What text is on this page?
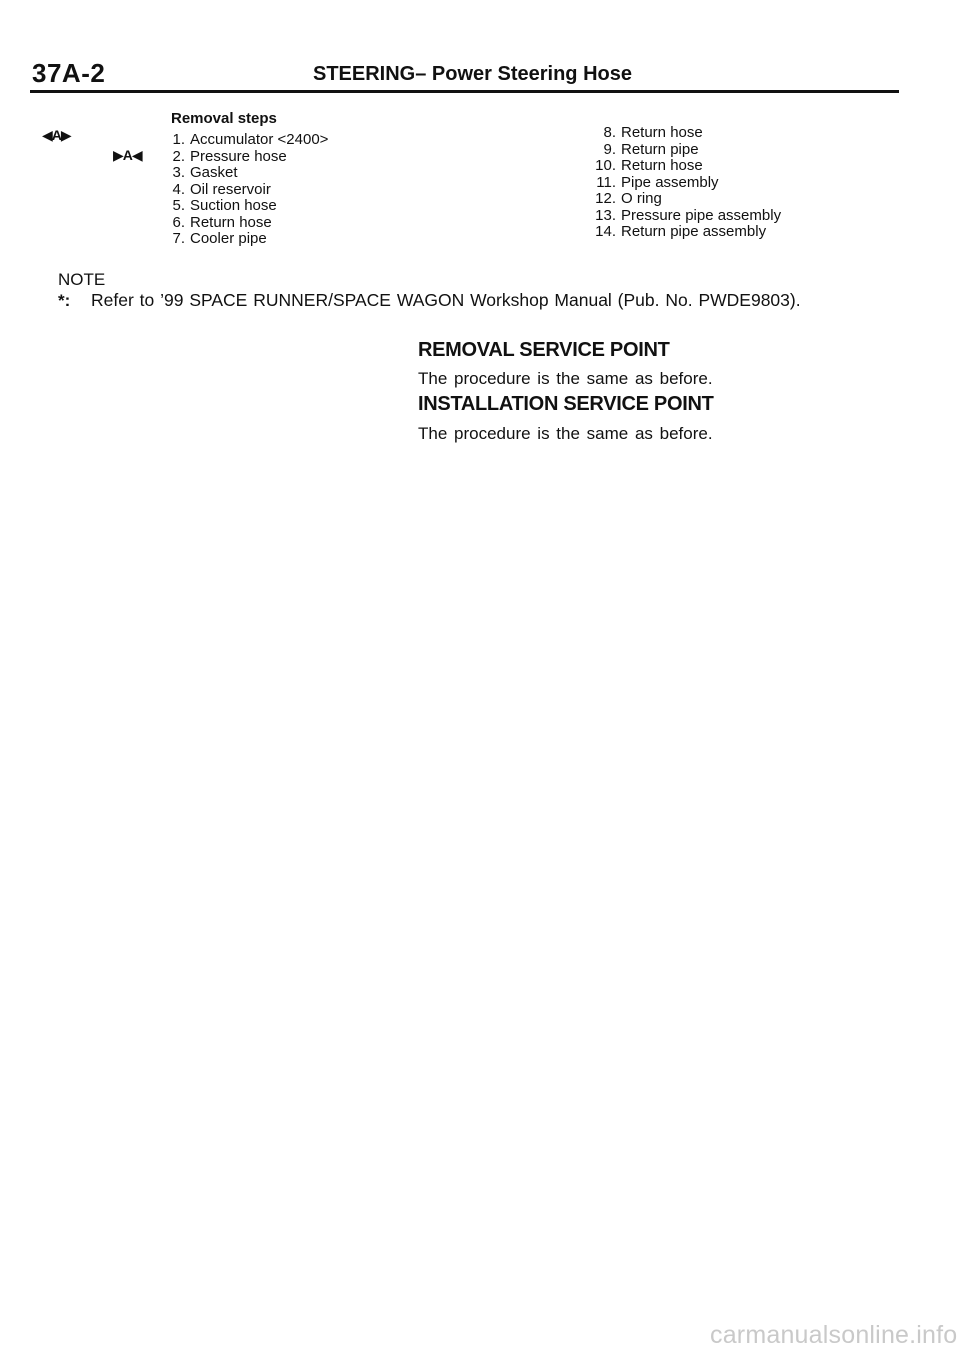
37A-2	STEERING– Power Steering Hose
◀A▶
▶A◀
Removal steps
1. Accumulator <2400>
2. Pressure hose
3. Gasket
4. Oil reservoir
5. Suction hose
6. Return hose
7. Cooler pipe
8. Return hose
9. Return pipe
10. Return hose
11. Pipe assembly
12. O ring
13. Pressure pipe assembly
14. Return pipe assembly
NOTE
*: Refer to ’99 SPACE RUNNER/SPACE WAGON Workshop Manual (Pub. No. PWDE9803).
REMOVAL SERVICE POINT
The procedure is the same as before.
INSTALLATION SERVICE POINT
The procedure is the same as before.
carmanualsonline.info
